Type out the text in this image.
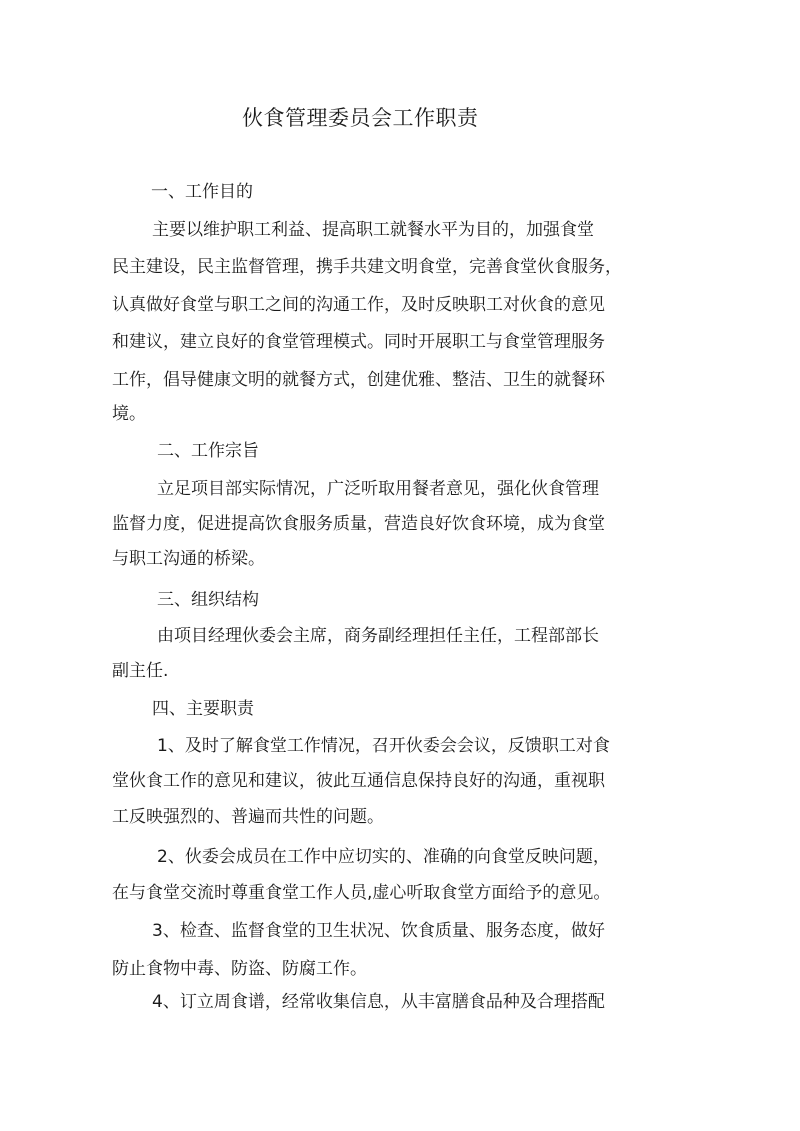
伙食管理委员会工作职责
一、工作目的
主要以维护职工利益、提高职工就餐水平为目的，加强食堂
民主建设，民主监督管理，携手共建文明食堂，完善食堂伙食服务，
认真做好食堂与职工之间的沟通工作，及时反映职工对伙食的意见
和建议，建立良好的食堂管理模式。同时开展职工与食堂管理服务
工作，倡导健康文明的就餐方式，创建优雅、整洁、卫生的就餐环
境。
二、工作宗旨
立足项目部实际情况，广泛听取用餐者意见，强化伙食管理
监督力度，促进提高饮食服务质量，营造良好饮食环境，成为食堂
与职工沟通的桥梁。
三、组织结构
由项目经理伙委会主席，商务副经理担任主任，工程部部长
副主任.
四、主要职责
1、及时了解食堂工作情况，召开伙委会会议，反馈职工对食
堂伙食工作的意见和建议，彼此互通信息保持良好的沟通，重视职
工反映强烈的、普遍而共性的问题。
2、伙委会成员在工作中应切实的、准确的向食堂反映问题，
在与食堂交流时尊重食堂工作人员,虚心听取食堂方面给予的意见。
3、检查、监督食堂的卫生状况、饮食质量、服务态度，做好
防止食物中毒、防盗、防腐工作。
4、订立周食谱，经常收集信息，从丰富膳食品种及合理搭配
